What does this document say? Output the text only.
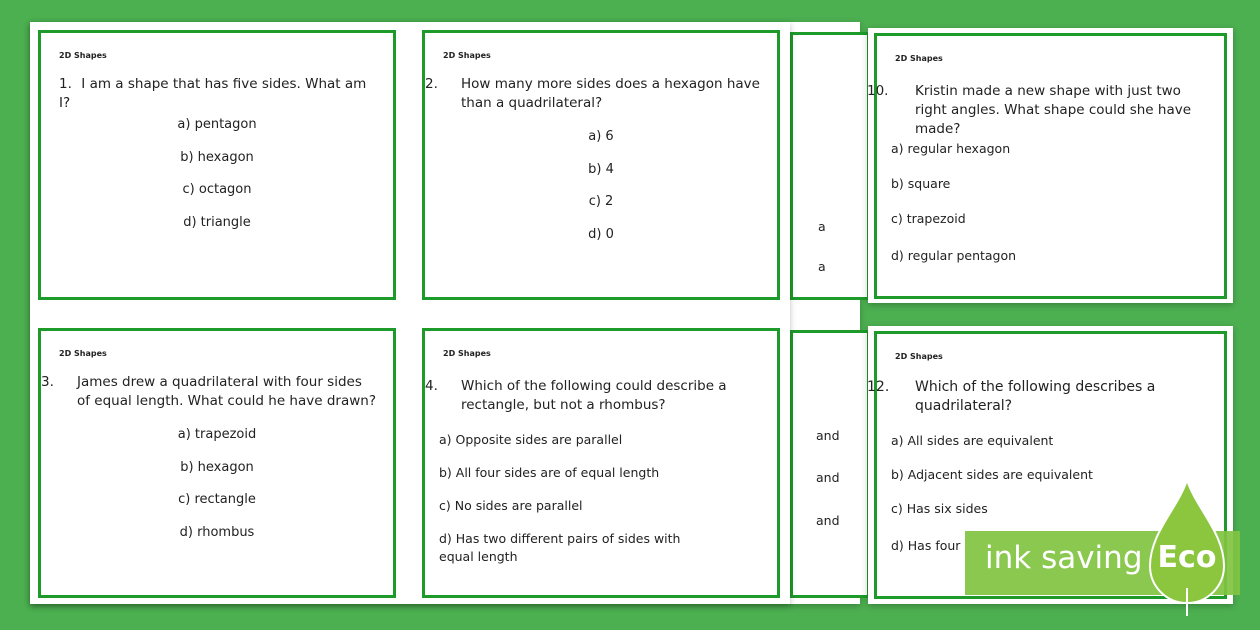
a
a
and
and
and
2D Shapes
1. I am a shape that has five sides. What am I?
a) pentagon
b) hexagon
c) octagon
d) triangle
2D Shapes
2. How many more sides does a hexagon have than a quadrilateral?
a) 6
b) 4
c) 2
d) 0
2D Shapes
3. James drew a quadrilateral with four sides of equal length. What could he have drawn?
a) trapezoid
b) hexagon
c) rectangle
d) rhombus
2D Shapes
4. Which of the following could describe a rectangle, but not a rhombus?
a) Opposite sides are parallel
b) All four sides are of equal length
c) No sides are parallel
d) Has two different pairs of sides with equal length
2D Shapes
10. Kristin made a new shape with just two right angles. What shape could she have made?
a) regular hexagon
b) square
c) trapezoid
d) regular pentagon
2D Shapes
12. Which of the following describes a quadrilateral?
a) All sides are equivalent
b) Adjacent sides are equivalent
c) Has six sides
d) Has four ink saving Eco
